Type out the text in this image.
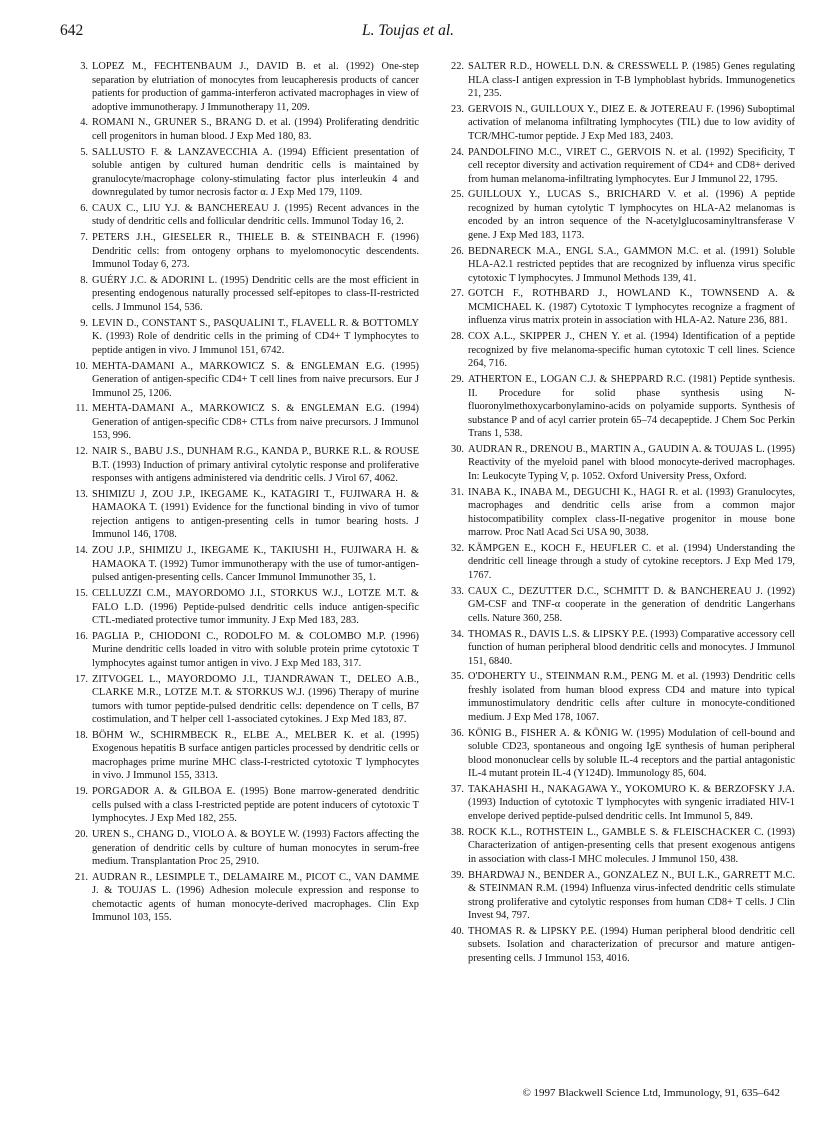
642	L. Toujas et al.
3. LOPEZ M., FECHTENBAUM J., DAVID B. et al. (1992) One-step separation by elutriation of monocytes from leucapheresis products of cancer patients for production of gamma-interferon activated macrophages in view of adoptive immunotherapy. J Immunotherapy 11, 209.
4. ROMANI N., GRUNER S., BRANG D. et al. (1994) Proliferating dendritic cell progenitors in human blood. J Exp Med 180, 83.
5. SALLUSTO F. & LANZAVECCHIA A. (1994) Efficient presentation of soluble antigen by cultured human dendritic cells is maintained by granulocyte/macrophage colony-stimulating factor plus interleukin 4 and downregulated by tumor necrosis factor α. J Exp Med 179, 1109.
6. CAUX C., LIU Y.J. & BANCHEREAU J. (1995) Recent advances in the study of dendritic cells and follicular dendritic cells. Immunol Today 16, 2.
7. PETERS J.H., GIESELER R., THIELE B. & STEINBACH F. (1996) Dendritic cells: from ontogeny orphans to myelomonocytic descendents. Immunol Today 6, 273.
8. GUÉRY J.C. & ADORINI L. (1995) Dendritic cells are the most efficient in presenting endogenous naturally processed self-epitopes to class-II-restricted cells. J Immunol 154, 536.
9. LEVIN D., CONSTANT S., PASQUALINI T., FLAVELL R. & BOTTOMLY K. (1993) Role of dendritic cells in the priming of CD4+ T lymphocytes to peptide antigen in vivo. J Immunol 151, 6742.
10. MEHTA-DAMANI A., MARKOWICZ S. & ENGLEMAN E.G. (1995) Generation of antigen-specific CD4+ T cell lines from naive precursors. Eur J Immunol 25, 1206.
11. MEHTA-DAMANI A., MARKOWICZ S. & ENGLEMAN E.G. (1994) Generation of antigen-specific CD8+ CTLs from naive precursors. J Immunol 153, 996.
12. NAIR S., BABU J.S., DUNHAM R.G., KANDA P., BURKE R.L. & ROUSE B.T. (1993) Induction of primary antiviral cytolytic response and proliferative responses with antigens administered via dendritic cells. J Virol 67, 4062.
13. SHIMIZU J, ZOU J.P., IKEGAME K., KATAGIRI T., FUJIWARA H. & HAMAOKA T. (1991) Evidence for the functional binding in vivo of tumor rejection antigens to antigen-presenting cells in tumor bearing hosts. J Immunol 146, 1708.
14. ZOU J.P., SHIMIZU J., IKEGAME K., TAKIUSHI H., FUJIWARA H. & HAMAOKA T. (1992) Tumor immunotherapy with the use of tumor-antigen-pulsed antigen-presenting cells. Cancer Immunol Immunother 35, 1.
15. CELLUZZI C.M., MAYORDOMO J.I., STORKUS W.J., LOTZE M.T. & FALO L.D. (1996) Peptide-pulsed dendritic cells induce antigen-specific CTL-mediated protective tumor immunity. J Exp Med 183, 283.
16. PAGLIA P., CHIODONI C., RODOLFO M. & COLOMBO M.P. (1996) Murine dendritic cells loaded in vitro with soluble protein prime cytotoxic T lymphocytes against tumor antigen in vivo. J Exp Med 183, 317.
17. ZITVOGEL L., MAYORDOMO J.I., TJANDRAWAN T., DELEO A.B., CLARKE M.R., LOTZE M.T. & STORKUS W.J. (1996) Therapy of murine tumors with tumor peptide-pulsed dendritic cells: dependence on T cells, B7 costimulation, and T helper cell 1-associated cytokines. J Exp Med 183, 87.
18. BÖHM W., SCHIRMBECK R., ELBE A., MELBER K. et al. (1995) Exogenous hepatitis B surface antigen particles processed by dendritic cells or macrophages prime murine MHC class-I-restricted cytotoxic T lymphocytes in vivo. J Immunol 155, 3313.
19. PORGADOR A. & GILBOA E. (1995) Bone marrow-generated dendritic cells pulsed with a class I-restricted peptide are potent inducers of cytotoxic T lymphocytes. J Exp Med 182, 255.
20. UREN S., CHANG D., VIOLO A. & BOYLE W. (1993) Factors affecting the generation of dendritic cells by culture of human monocytes in serum-free medium. Transplantation Proc 25, 2910.
21. AUDRAN R., LESIMPLE T., DELAMAIRE M., PICOT C., VAN DAMME J. & TOUJAS L. (1996) Adhesion molecule expression and response to chemotactic agents of human monocyte-derived macrophages. Clin Exp Immunol 103, 155.
22. SALTER R.D., HOWELL D.N. & CRESSWELL P. (1985) Genes regulating HLA class-I antigen expression in T-B lymphoblast hybrids. Immunogenetics 21, 235.
23. GERVOIS N., GUILLOUX Y., DIEZ E. & JOTEREAU F. (1996) Suboptimal activation of melanoma infiltrating lymphocytes (TIL) due to low avidity of TCR/MHC-tumor peptide. J Exp Med 183, 2403.
24. PANDOLFINO M.C., VIRET C., GERVOIS N. et al. (1992) Specificity, T cell receptor diversity and activation requirement of CD4+ and CD8+ derived from human melanoma-infiltrating lymphocytes. Eur J Immunol 22, 1795.
25. GUILLOUX Y., LUCAS S., BRICHARD V. et al. (1996) A peptide recognized by human cytolytic T lymphocytes on HLA-A2 melanomas is encoded by an intron sequence of the N-acetylglucosaminyltransferase V gene. J Exp Med 183, 1173.
26. BEDNARECK M.A., ENGL S.A., GAMMON M.C. et al. (1991) Soluble HLA-A2.1 restricted peptides that are recognized by influenza virus specific cytotoxic T lymphocytes. J Immunol Methods 139, 41.
27. GOTCH F., ROTHBARD J., HOWLAND K., TOWNSEND A. & MCMICHAEL K. (1987) Cytotoxic T lymphocytes recognize a fragment of influenza virus matrix protein in association with HLA-A2. Nature 236, 881.
28. COX A.L., SKIPPER J., CHEN Y. et al. (1994) Identification of a peptide recognized by five melanoma-specific human cytotoxic T cell lines. Science 264, 716.
29. ATHERTON E., LOGAN C.J. & SHEPPARD R.C. (1981) Peptide synthesis. II. Procedure for solid phase synthesis using N-fluoronylmethoxycarbonylamino-acids on polyamide supports. Synthesis of substance P and of acyl carrier protein 65–74 decapeptide. J Chem Soc Perkin Trans 1, 538.
30. AUDRAN R., DRENOU B., MARTIN A., GAUDIN A. & TOUJAS L. (1995) Reactivity of the myeloid panel with blood monocyte-derived macrophages. In: Leukocyte Typing V, p. 1052. Oxford University Press, Oxford.
31. INABA K., INABA M., DEGUCHI K., HAGI R. et al. (1993) Granulocytes, macrophages and dendritic cells arise from a common major histocompatibility complex class-II-negative progenitor in mouse bone marrow. Proc Natl Acad Sci USA 90, 3038.
32. KÄMPGEN E., KOCH F., HEUFLER C. et al. (1994) Understanding the dendritic cell lineage through a study of cytokine receptors. J Exp Med 179, 1767.
33. CAUX C., DEZUTTER D.C., SCHMITT D. & BANCHEREAU J. (1992) GM-CSF and TNF-α cooperate in the generation of dendritic Langerhans cells. Nature 360, 258.
34. THOMAS R., DAVIS L.S. & LIPSKY P.E. (1993) Comparative accessory cell function of human peripheral blood dendritic cells and monocytes. J Immunol 151, 6840.
35. O'DOHERTY U., STEINMAN R.M., PENG M. et al. (1993) Dendritic cells freshly isolated from human blood express CD4 and mature into typical immunostimulatory dendritic cells after culture in monocyte-conditioned medium. J Exp Med 178, 1067.
36. KÖNIG B., FISHER A. & KÖNIG W. (1995) Modulation of cell-bound and soluble CD23, spontaneous and ongoing IgE synthesis of human peripheral blood mononuclear cells by soluble IL-4 receptors and the partial antagonistic IL-4 mutant protein IL-4 (Y124D). Immunology 85, 604.
37. TAKAHASHI H., NAKAGAWA Y., YOKOMURO K. & BERZOFSKY J.A. (1993) Induction of cytotoxic T lymphocytes with syngenic irradiated HIV-1 envelope derived peptide-pulsed dendritic cells. Int Immunol 5, 849.
38. ROCK K.L., ROTHSTEIN L., GAMBLE S. & FLEISCHACKER C. (1993) Characterization of antigen-presenting cells that present exogenous antigens in association with class-I MHC molecules. J Immunol 150, 438.
39. BHARDWAJ N., BENDER A., GONZALEZ N., BUI L.K., GARRETT M.C. & STEINMAN R.M. (1994) Influenza virus-infected dendritic cells stimulate strong proliferative and cytolytic responses from human CD8+ T cells. J Clin Invest 94, 797.
40. THOMAS R. & LIPSKY P.E. (1994) Human peripheral blood dendritic cell subsets. Isolation and characterization of precursor and mature antigen-presenting cells. J Immunol 153, 4016.
© 1997 Blackwell Science Ltd, Immunology, 91, 635–642
